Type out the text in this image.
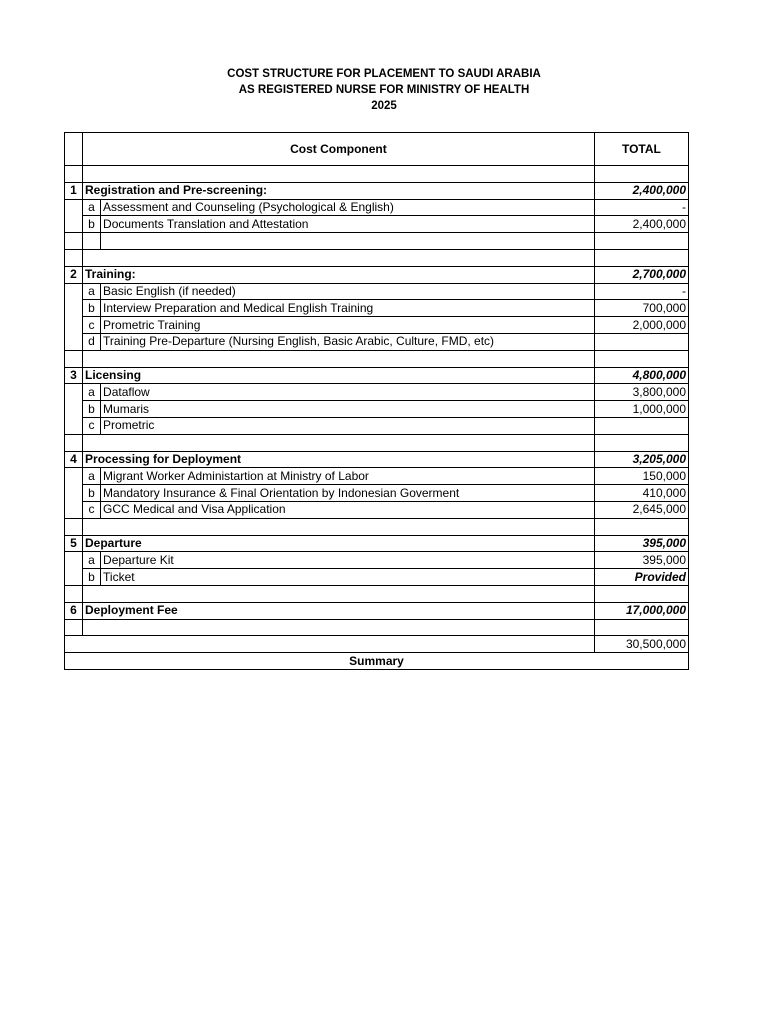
COST STRUCTURE FOR PLACEMENT TO SAUDI ARABIA
AS REGISTERED NURSE FOR MINISTRY OF HEALTH
2025
	Cost Component		TOTAL

1	Registration and Pre-screening:		2,400,000
	a	Assessment and Counseling (Psychological & English)	-
	b	Documents Translation and Attestation	2,400,000

2	Training:		2,700,000
	a	Basic English (if needed)	-
	b	Interview Preparation and Medical English Training	700,000
	c	Prometric Training	2,000,000
	d	Training Pre-Departure (Nursing English, Basic Arabic, Culture, FMD, etc)	

3	Licensing		4,800,000
	a	Dataflow	3,800,000
	b	Mumaris	1,000,000
	c	Prometric	

4	Processing for Deployment		3,205,000
	a	Migrant Worker Administartion at Ministry of Labor	150,000
	b	Mandatory Insurance & Final Orientation by Indonesian Goverment	410,000
	c	GCC Medical and Visa Application	2,645,000

5	Departure		395,000
	a	Departure Kit	395,000
	b	Ticket	Provided

6	Deployment Fee		17,000,000

			30,500,000
Summary			
